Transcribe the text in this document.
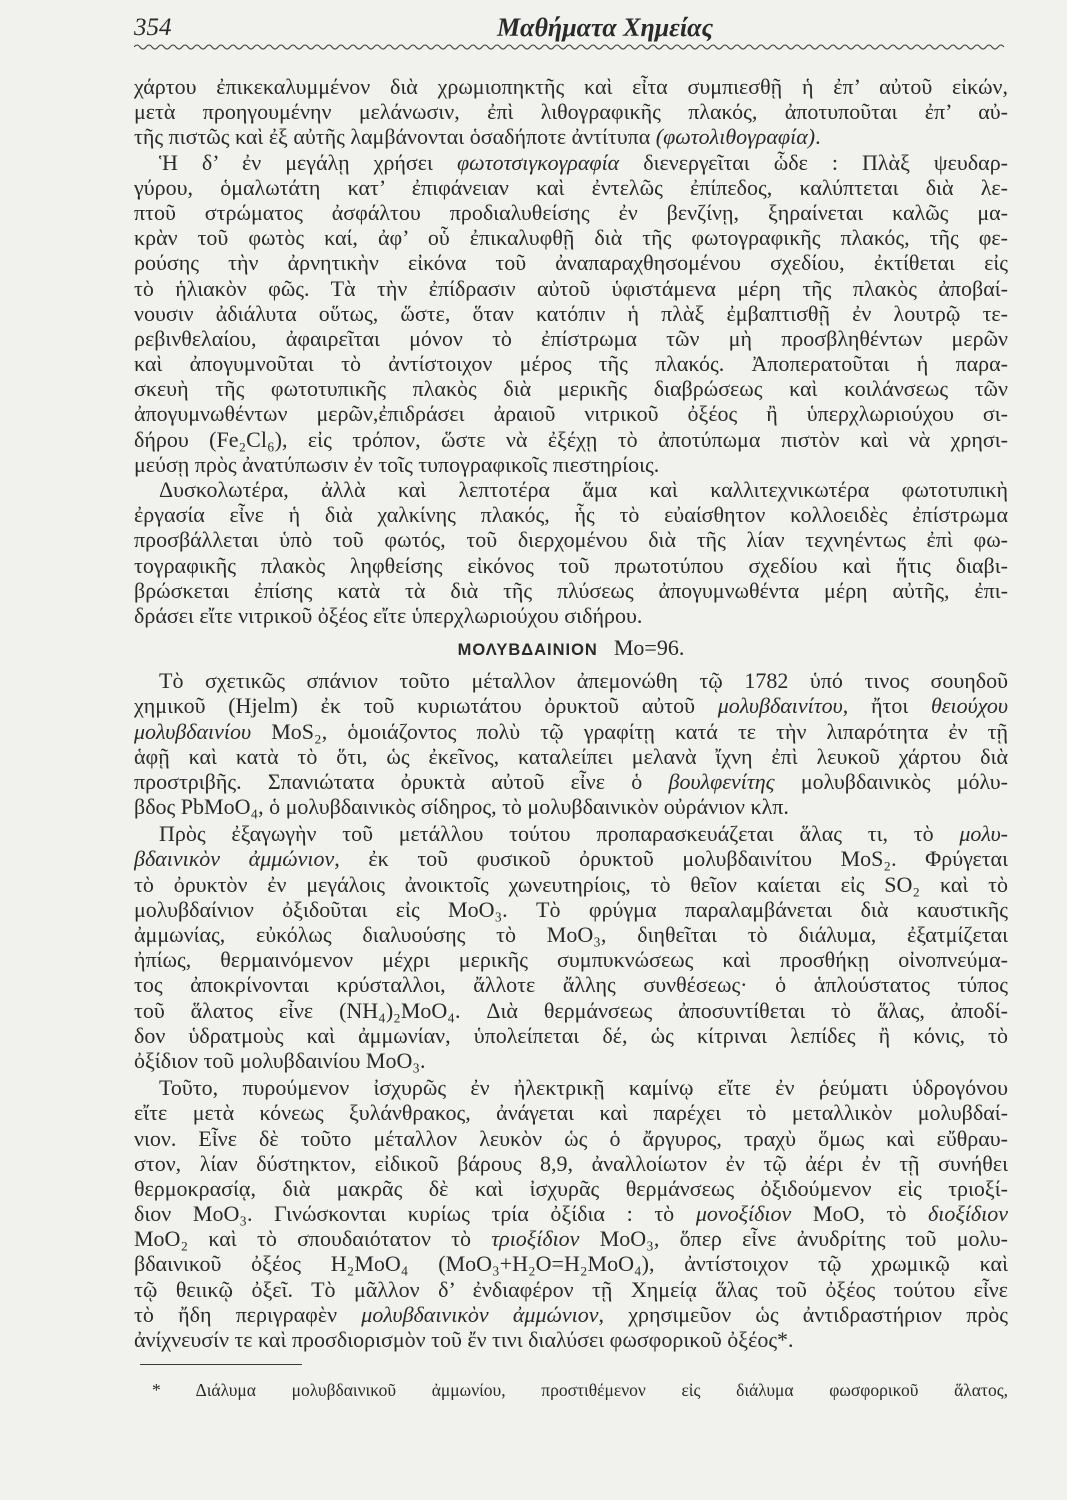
354	Μαθήματα Χημείας
χάρτου ἐπικεκαλυμμένον διὰ χρωμιοπηκτῆς καὶ εἶτα συμπιεσθῇ ἡ ἐπ’ αὐτοῦ εἰκών,
μετὰ προηγουμένην μελάνωσιν, ἐπὶ λιθογραφικῆς πλακός, ἀποτυποῦται ἐπ’ αὐ-
τῆς πιστῶς καὶ ἐξ αὐτῆς λαμβάνονται ὁσαδήποτε ἀντίτυπα (φωτολιθογραφία).
Ἡ δ’ ἐν μεγάλῃ χρήσει φωτοτσιγκογραφία διενεργεῖται ὧδε : Πλὰξ ψευδαρ-
γύρου, ὁμαλωτάτη κατ’ ἐπιφάνειαν καὶ ἐντελῶς ἐπίπεδος, καλύπτεται διὰ λε-
πτοῦ στρώματος ἀσφάλτου προδιαλυθείσης ἐν βενζίνῃ, ξηραίνεται καλῶς μα-
κρὰν τοῦ φωτὸς καί, ἀφ’ οὗ ἐπικαλυφθῇ διὰ τῆς φωτογραφικῆς πλακός, τῆς φε-
ρούσης τὴν ἀρνητικὴν εἰκόνα τοῦ ἀναπαραχθησομένου σχεδίου, ἐκτίθεται εἰς
τὸ ἡλιακὸν φῶς. Τὰ τὴν ἐπίδρασιν αὐτοῦ ὑφιστάμενα μέρη τῆς πλακὸς ἀποβαί-
νουσιν ἀδιάλυτα οὕτως, ὥστε, ὅταν κατόπιν ἡ πλὰξ ἐμβαπτισθῇ ἐν λουτρῷ τε-
ρεβινθελαίου, ἀφαιρεῖται μόνον τὸ ἐπίστρωμα τῶν μὴ προσβληθέντων μερῶν
καὶ ἀπογυμνοῦται τὸ ἀντίστοιχον μέρος τῆς πλακός. Ἀποπερατοῦται ἡ παρα-
σκευὴ τῆς φωτοτυπικῆς πλακὸς διὰ μερικῆς διαβρώσεως καὶ κοιλάνσεως τῶν
ἀπογυμνωθέντων μερῶν,ἐπιδράσει ἀραιοῦ νιτρικοῦ ὀξέος ἢ ὑπερχλωριούχου σι-
δήρου (Fe₂Cl₆), εἰς τρόπον, ὥστε νὰ ἐξέχῃ τὸ ἀποτύπωμα πιστὸν καὶ νὰ χρησι-
μεύσῃ πρὸς ἀνατύπωσιν ἐν τοῖς τυπογραφικοῖς πιεστηρίοις.
Δυσκολωτέρα, ἀλλὰ καὶ λεπτοτέρα ἅμα καὶ καλλιτεχνικωτέρα φωτοτυπικὴ
ἐργασία εἶνε ἡ διὰ χαλκίνης πλακός, ἧς τὸ εὐαίσθητον κολλοειδὲς ἐπίστρωμα
προσβάλλεται ὑπὸ τοῦ φωτός, τοῦ διερχομένου διὰ τῆς λίαν τεχνηέντως ἐπὶ φω-
τογραφικῆς πλακὸς ληφθείσης εἰκόνος τοῦ πρωτοτύπου σχεδίου καὶ ἥτις διαβι-
βρώσκεται ἐπίσης κατὰ τὰ διὰ τῆς πλύσεως ἀπογυμνωθέντα μέρη αὐτῆς, ἐπι-
δράσει εἴτε νιτρικοῦ ὀξέος εἴτε ὑπερχλωριούχου σιδήρου.
ΜΟΛΥΒΔΑΙΝΙΟΝ Mo=96.
Τὸ σχετικῶς σπάνιον τοῦτο μέταλλον ἀπεμονώθη τῷ 1782 ὑπό τινος σουηδοῦ
χημικοῦ (Hjelm) ἐκ τοῦ κυριωτάτου ὀρυκτοῦ αὐτοῦ μολυβδαινίτου, ἤτοι θειούχου
μολυβδαινίου MoS₂, ὁμοιάζοντος πολὺ τῷ γραφίτῃ κατά τε τὴν λιπαρότητα ἐν τῇ
ἁφῇ καὶ κατὰ τὸ ὅτι, ὡς ἐκεῖνος, καταλείπει μελανὰ ἴχνη ἐπὶ λευκοῦ χάρτου διὰ
προστριβῆς. Σπανιώτατα ὀρυκτὰ αὐτοῦ εἶνε ὁ βουλφενίτης μολυβδαινικὸς μόλυ-
βδος PbMoO₄, ὁ μολυβδαινικὸς σίδηρος, τὸ μολυβδαινικὸν οὐράνιον κλπ.
Πρὸς ἐξαγωγὴν τοῦ μετάλλου τούτου προπαρασκευάζεται ἅλας τι, τὸ μολυ-
βδαινικὸν ἀμμώνιον, ἐκ τοῦ φυσικοῦ ὀρυκτοῦ μολυβδαινίτου MoS₂. Φρύγεται
τὸ ὀρυκτὸν ἐν μεγάλοις ἀνοικτοῖς χωνευτηρίοις, τὸ θεῖον καίεται εἰς SO₂ καὶ τὸ
μολυβδαίνιον ὀξιδοῦται εἰς MoO₃. Τὸ φρύγμα παραλαμβάνεται διὰ καυστικῆς
ἀμμωνίας, εὐκόλως διαλυούσης τὸ MoO₃, διηθεῖται τὸ διάλυμα, ἐξατμίζεται
ἠπίως, θερμαινόμενον μέχρι μερικῆς συμπυκνώσεως καὶ προσθήκῃ οἰνοπνεύμα-
τος ἀποκρίνονται κρύσταλλοι, ἄλλοτε ἄλλης συνθέσεως· ὁ ἁπλούστατος τύπος
τοῦ ἅλατος εἶνε (NH₄)₂MoO₄. Διὰ θερμάνσεως ἀποσυντίθεται τὸ ἅλας, ἀποδί-
δον ὑδρατμοὺς καὶ ἀμμωνίαν, ὑπολείπεται δέ, ὡς κίτριναι λεπίδες ἢ κόνις, τὸ
ὀξίδιον τοῦ μολυβδαινίου MoO₃.
Τοῦτο, πυρούμενον ἰσχυρῶς ἐν ἠλεκτρικῇ καμίνῳ εἴτε ἐν ῥεύματι ὑδρογόνου
εἴτε μετὰ κόνεως ξυλάνθρακος, ἀνάγεται καὶ παρέχει τὸ μεταλλικὸν μολυβδαί-
νιον. Εἶνε δὲ τοῦτο μέταλλον λευκὸν ὡς ὁ ἄργυρος, τραχὺ ὅμως καὶ εὔθραυ-
στον, λίαν δύστηκτον, εἰδικοῦ βάρους 8,9, ἀναλλοίωτον ἐν τῷ ἀέρι ἐν τῇ συνήθει
θερμοκρασίᾳ, διὰ μακρᾶς δὲ καὶ ἰσχυρᾶς θερμάνσεως ὀξιδούμενον εἰς τριοξί-
διον MoO₃. Γινώσκονται κυρίως τρία ὀξίδια : τὸ μονοξίδιον MoO, τὸ διοξίδιον
MoO₂ καὶ τὸ σπουδαιότατον τὸ τριοξίδιον MoO₃, ὅπερ εἶνε ἀνυδρίτης τοῦ μολυ-
βδαινικοῦ ὀξέος H₂MoO₄ (MoO₃+H₂O=H₂MoO₄), ἀντίστοιχον τῷ χρωμικῷ καὶ
τῷ θειικῷ ὀξεῖ. Τὸ μᾶλλον δ’ ἐνδιαφέρον τῇ Χημείᾳ ἅλας τοῦ ὀξέος τούτου εἶνε
τὸ ἤδη περιγραφὲν μολυβδαινικὸν ἀμμώνιον, χρησιμεῦον ὡς ἀντιδραστήριον πρὸς
ἀνίχνευσίν τε καὶ προσδιορισμὸν τοῦ ἔν τινι διαλύσει φωσφορικοῦ ὀξέος*.
* Διάλυμα μολυβδαινικοῦ ἀμμωνίου, προστιθέμενον εἰς διάλυμα φωσφορικοῦ ἅλατος,
